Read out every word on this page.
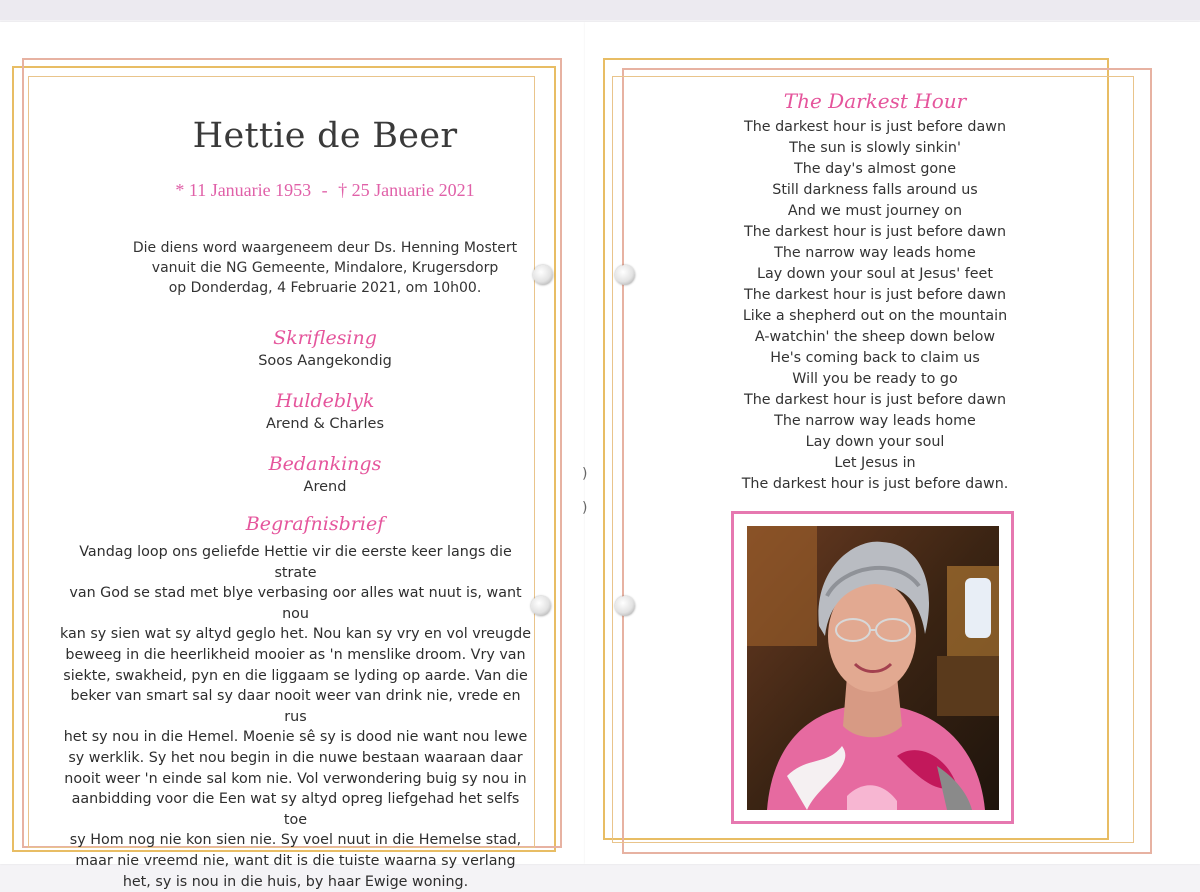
Hettie de Beer
* 11 Januarie 1953 - † 25 Januarie 2021
Die diens word waargeneem deur Ds. Henning Mostert
vanuit die NG Gemeente, Mindalore, Krugersdorp
op Donderdag, 4 Februarie 2021, om 10h00.
Skriflesing
Soos Aangekondig
Huldeblyk
Arend & Charles
Bedankings
Arend
Begrafnisbrief
Vandag loop ons geliefde Hettie vir die eerste keer langs die strate
van God se stad met blye verbasing oor alles wat nuut is, want nou
kan sy sien wat sy altyd geglo het. Nou kan sy vry en vol vreugde
beweeg in die heerlikheid mooier as 'n menslike droom. Vry van
siekte, swakheid, pyn en die liggaam se lyding op aarde. Van die
beker van smart sal sy daar nooit weer van drink nie, vrede en rus
het sy nou in die Hemel. Moenie sê sy is dood nie want nou lewe
sy werklik. Sy het nou begin in die nuwe bestaan waaraan daar
nooit weer 'n einde sal kom nie. Vol verwondering buig sy nou in
aanbidding voor die Een wat sy altyd opreg liefgehad het selfs toe
sy Hom nog nie kon sien nie. Sy voel nuut in die Hemelse stad,
maar nie vreemd nie, want dit is die tuiste waarna sy verlang
het, sy is nou in die huis, by haar Ewige woning.
The Darkest Hour
The darkest hour is just before dawn
The sun is slowly sinkin'
The day's almost gone
Still darkness falls around us
And we must journey on
The darkest hour is just before dawn
The narrow way leads home
Lay down your soul at Jesus' feet
The darkest hour is just before dawn
Like a shepherd out on the mountain
A-watchin' the sheep down below
He's coming back to claim us
Will you be ready to go
The darkest hour is just before dawn
The narrow way leads home
Lay down your soul
Let Jesus in
The darkest hour is just before dawn.
)
)
